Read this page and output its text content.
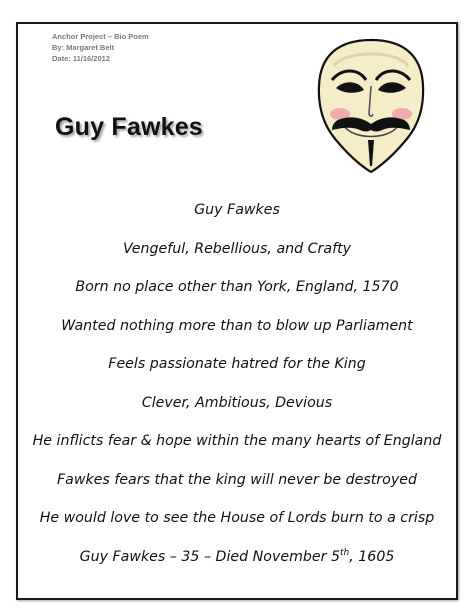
Anchor Project – Bio Poem
By: Margaret Belt
Date: 11/16/2012
Guy Fawkes
Guy Fawkes
Vengeful, Rebellious, and Crafty
Born no place other than York, England, 1570
Wanted nothing more than to blow up Parliament
Feels passionate hatred for the King
Clever, Ambitious, Devious
He inflicts fear & hope within the many hearts of England
Fawkes fears that the king will never be destroyed
He would love to see the House of Lords burn to a crisp
Guy Fawkes – 35 – Died November 5th, 1605
